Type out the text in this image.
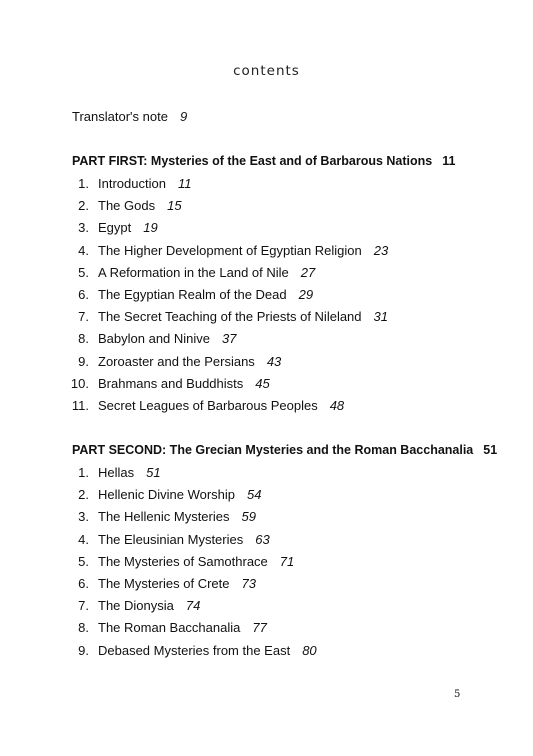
contents
Translator's note 9
PART FIRST: Mysteries of the East and of Barbarous Nations 11
1. Introduction 11
2. The Gods 15
3. Egypt 19
4. The Higher Development of Egyptian Religion 23
5. A Reformation in the Land of Nile 27
6. The Egyptian Realm of the Dead 29
7. The Secret Teaching of the Priests of Nileland 31
8. Babylon and Ninive 37
9. Zoroaster and the Persians 43
10. Brahmans and Buddhists 45
11. Secret Leagues of Barbarous Peoples 48
PART SECOND: The Grecian Mysteries and the Roman Bacchanalia 51
1. Hellas 51
2. Hellenic Divine Worship 54
3. The Hellenic Mysteries 59
4. The Eleusinian Mysteries 63
5. The Mysteries of Samothrace 71
6. The Mysteries of Crete 73
7. The Dionysia 74
8. The Roman Bacchanalia 77
9. Debased Mysteries from the East 80
5
